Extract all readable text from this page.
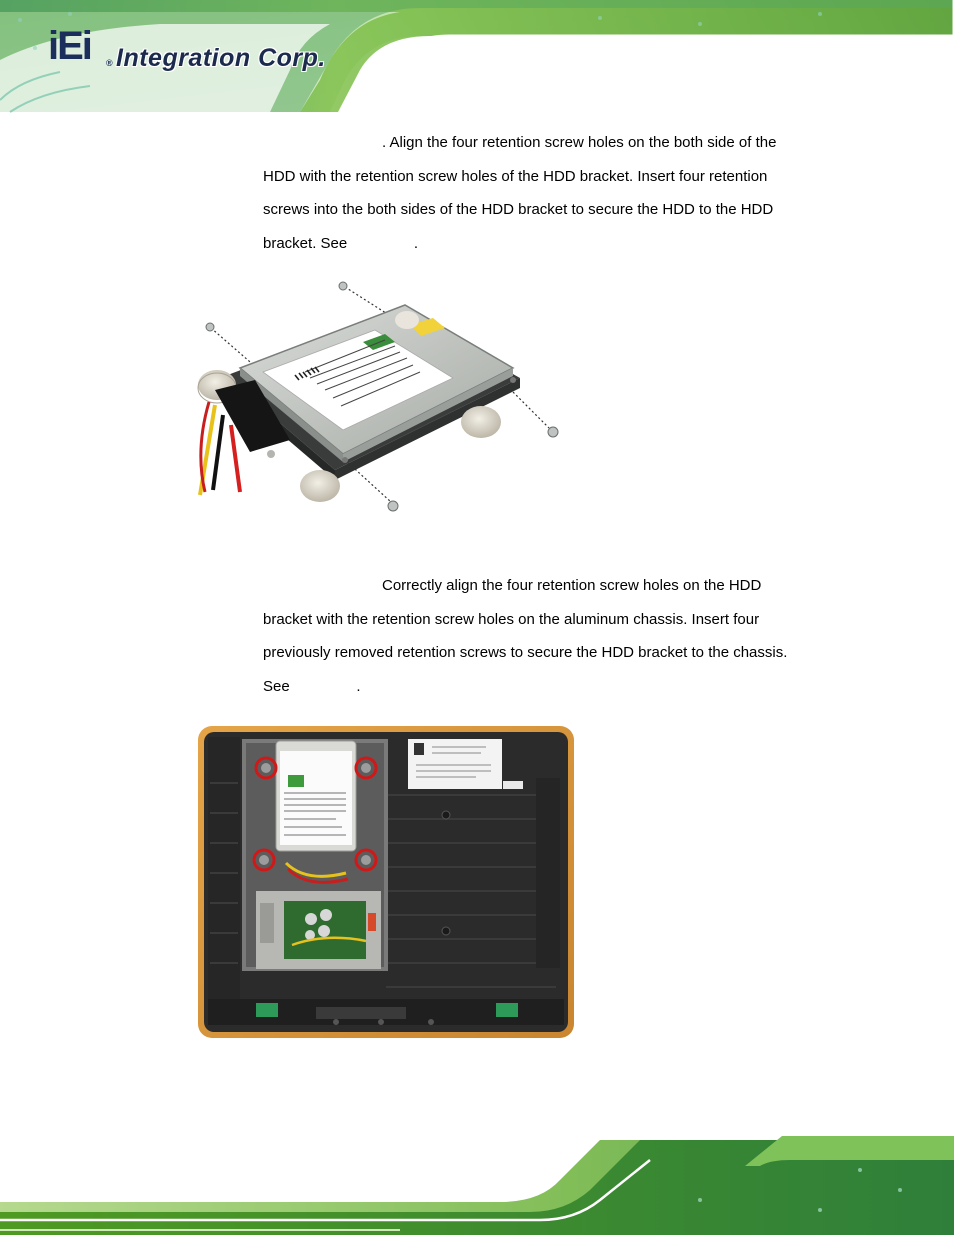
iEi ® Integration Corp.
. Align the four retention screw holes on the both side of the
HDD with the retention screw holes of the HDD bracket. Insert four retention
screws into the both sides of the HDD bracket to secure the HDD to the HDD
bracket. See                .
Correctly align the four retention screw holes on the HDD
bracket with the retention screw holes on the aluminum chassis. Insert four
previously removed retention screws to secure the HDD bracket to the chassis.
See                .
